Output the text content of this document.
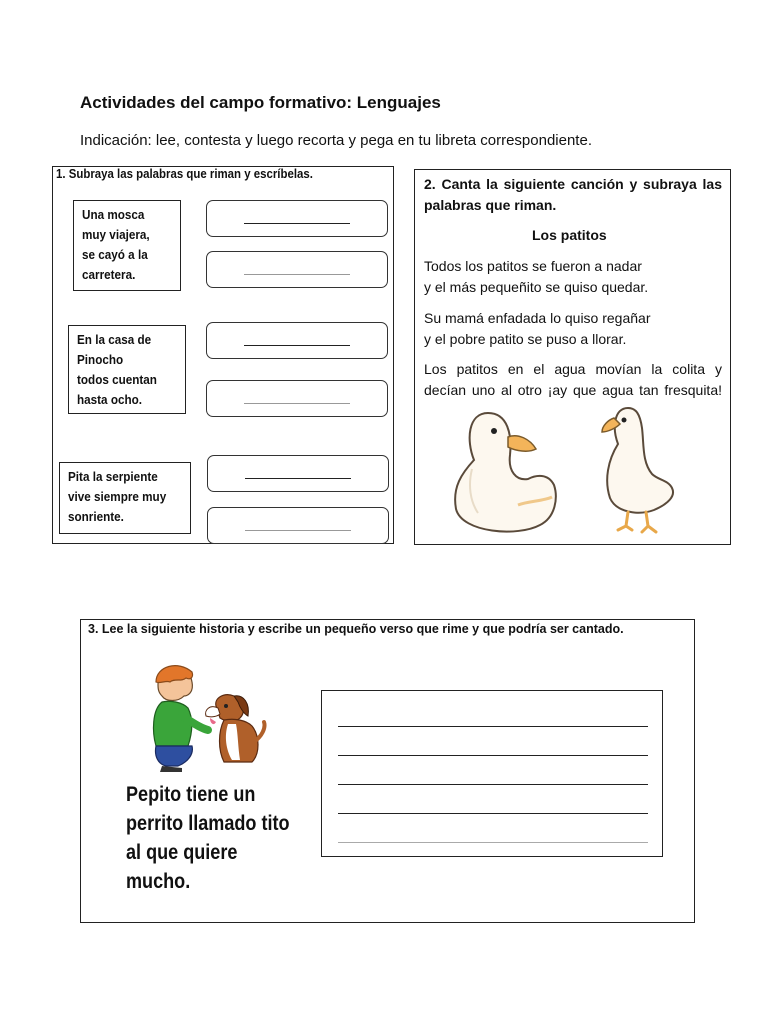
Actividades del campo formativo: Lenguajes
Indicación: lee, contesta y luego recorta y pega en tu libreta correspondiente.
1. Subraya las palabras que riman y escríbelas.
Una mosca
muy viajera,
se cayó a la
carretera.
En la casa de
Pinocho
todos cuentan
hasta ocho.
Pita la serpiente
vive siempre muy
sonriente.
2. Canta la siguiente canción y subraya las palabras que riman.
Los patitos
Todos los patitos se fueron a nadar
y el más pequeñito se quiso quedar.
Su mamá enfadada lo quiso regañar
y el pobre patito se puso a llorar.
Los patitos en el agua movían la colita y
decían uno al otro ¡ay que agua tan fresquita!
3. Lee la siguiente historia y escribe un pequeño verso que rime y que podría ser cantado.
Pepito tiene un
perrito llamado tito
al que quiere
mucho.
